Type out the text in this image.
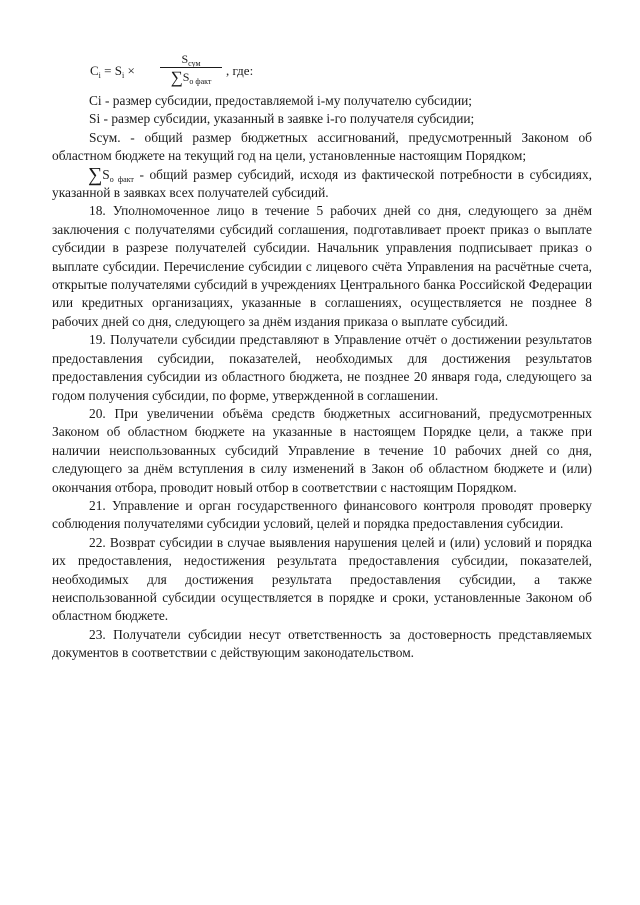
$C_i = S_i$ ×
$S_{сум}$
$\sum S_{о факт}$
, где:

Ci - размер субсидии, предоставляемой i-му получателю субсидии;

Si - размер субсидии, указанный в заявке i-го получателя субсидии;

Sсум. - общий размер бюджетных ассигнований, предусмотренный Законом об областном бюджете на текущий год на цели, установленные настоящим Порядком;

$\sum S_{о факт}$ - общий размер субсидий, исходя из фактической потребности в субсидиях, указанной в заявках всех получателей субсидий.

18. Уполномоченное лицо в течение 5 рабочих дней со дня, следующего за днём заключения с получателями субсидий соглашения, подготавливает проект приказ о выплате субсидии в разрезе получателей субсидии. Начальник управления подписывает приказ о выплате субсидии. Перечисление субсидии с лицевого счёта Управления на расчётные счета, открытые получателями субсидий в учреждениях Центрального банка Российской Федерации или кредитных организациях, указанные в соглашениях, осуществляется не позднее 8 рабочих дней со дня, следующего за днём издания приказа о выплате субсидий.

19. Получатели субсидии представляют в Управление отчёт о достижении результатов предоставления субсидии, показателей, необходимых для достижения результатов предоставления субсидии из областного бюджета, не позднее 20 января года, следующего за годом получения субсидии, по форме, утвержденной в соглашении.

20. При увеличении объёма средств бюджетных ассигнований, предусмотренных Законом об областном бюджете на указанные в настоящем Порядке цели, а также при наличии неиспользованных субсидий Управление в течение 10 рабочих дней со дня, следующего за днём вступления в силу изменений в Закон об областном бюджете и (или) окончания отбора, проводит новый отбор в соответствии с настоящим Порядком.

21. Управление и орган государственного финансового контроля проводят проверку соблюдения получателями субсидии условий, целей и порядка предоставления субсидии.

22. Возврат субсидии в случае выявления нарушения целей и (или) условий и порядка их предоставления, недостижения результата предоставления субсидии, показателей, необходимых для достижения результата предоставления субсидии, а также неиспользованной субсидии осуществляется в порядке и сроки, установленные Законом об областном бюджете.

23. Получатели субсидии несут ответственность за достоверность представляемых документов в соответствии с действующим законодательством.
